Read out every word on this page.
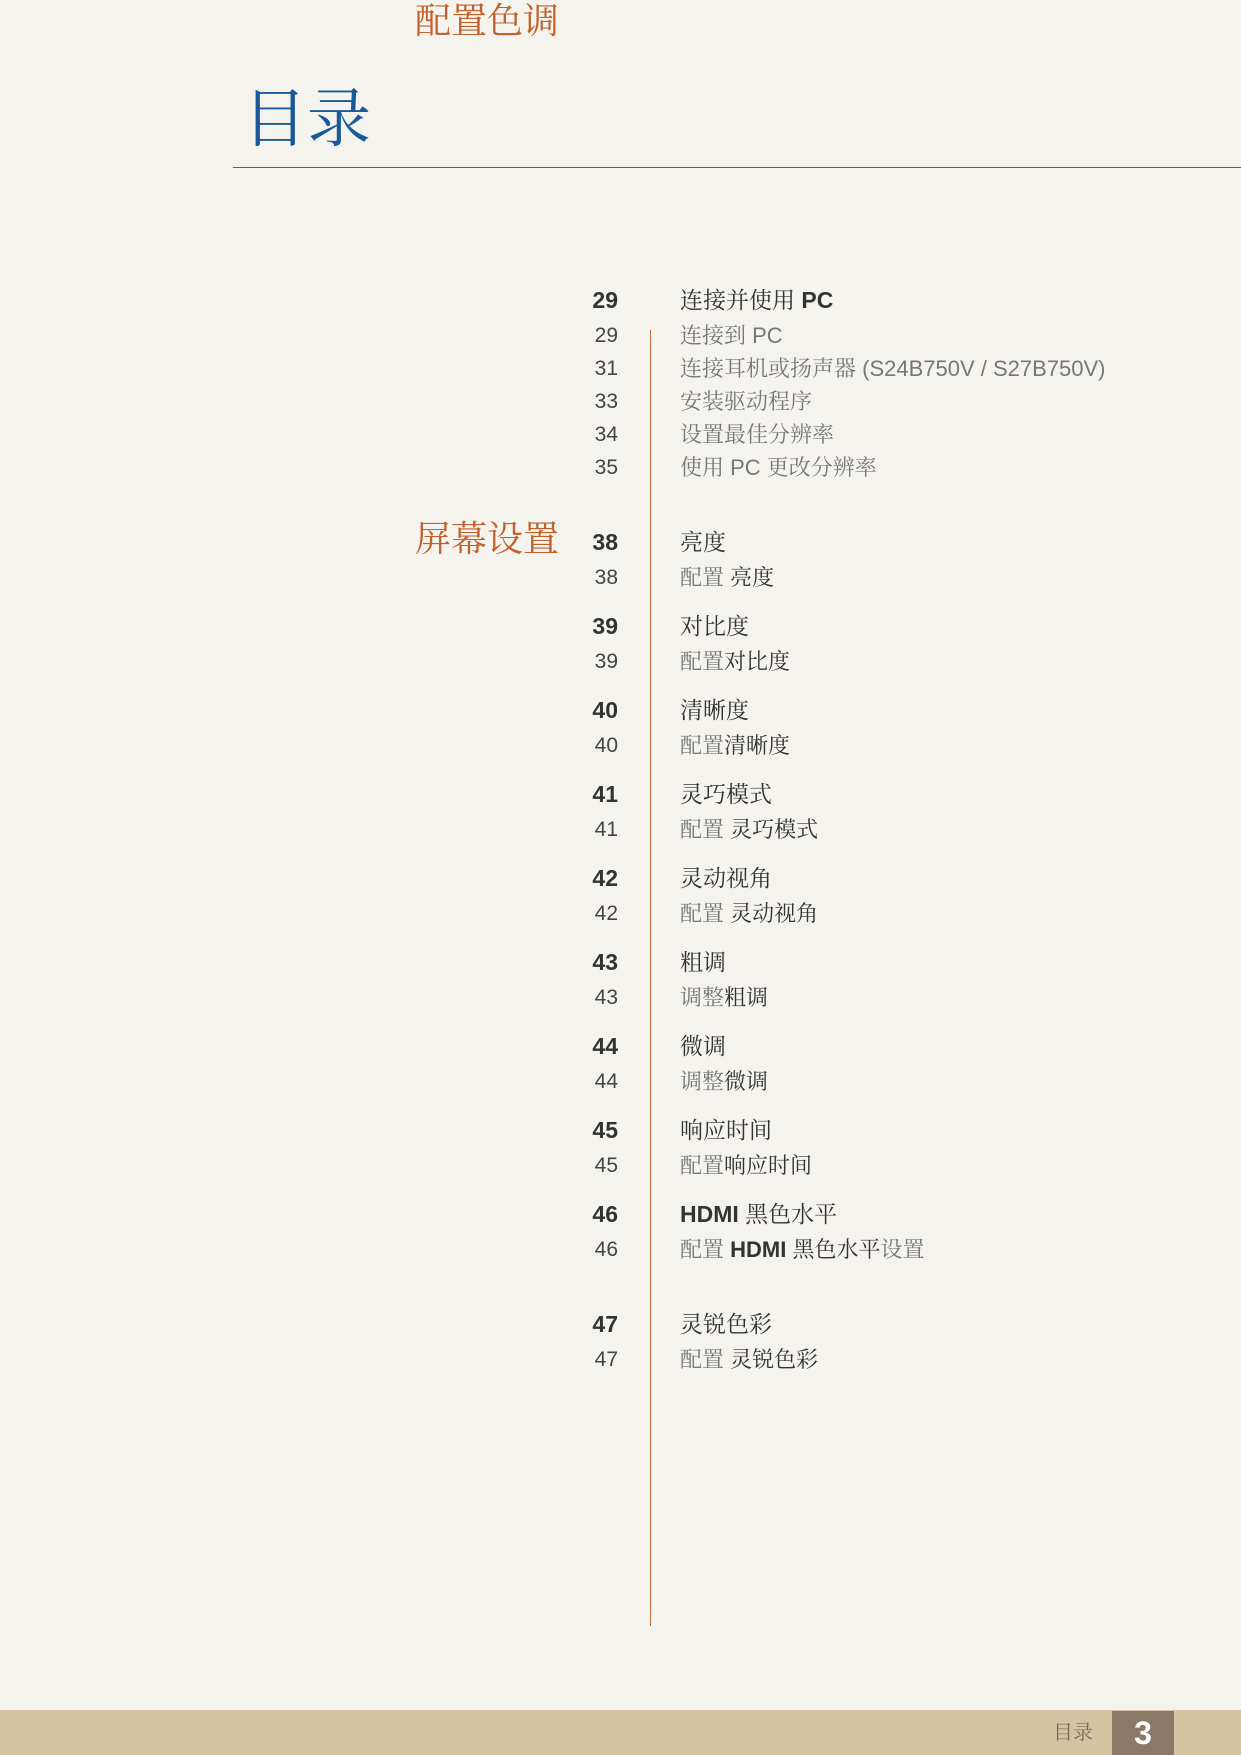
目录
29	连接并使用 PC
29	连接到 PC
31	连接耳机或扬声器 (S24B750V / S27B750V)
33	安装驱动程序
34	设置最佳分辨率
35	使用 PC 更改分辨率
38	亮度
38	配置 亮度
39	对比度
39	配置对比度
40	清晰度
40	配置清晰度
41	灵巧模式
41	配置 灵巧模式
42	灵动视角
42	配置 灵动视角
43	粗调
43	调整粗调
44	微调
44	调整微调
45	响应时间
45	配置响应时间
46	HDMI 黑色水平
46	配置 HDMI 黑色水平设置
47	灵锐色彩
47	配置 灵锐色彩
屏幕设置
配置色调
目录	3
